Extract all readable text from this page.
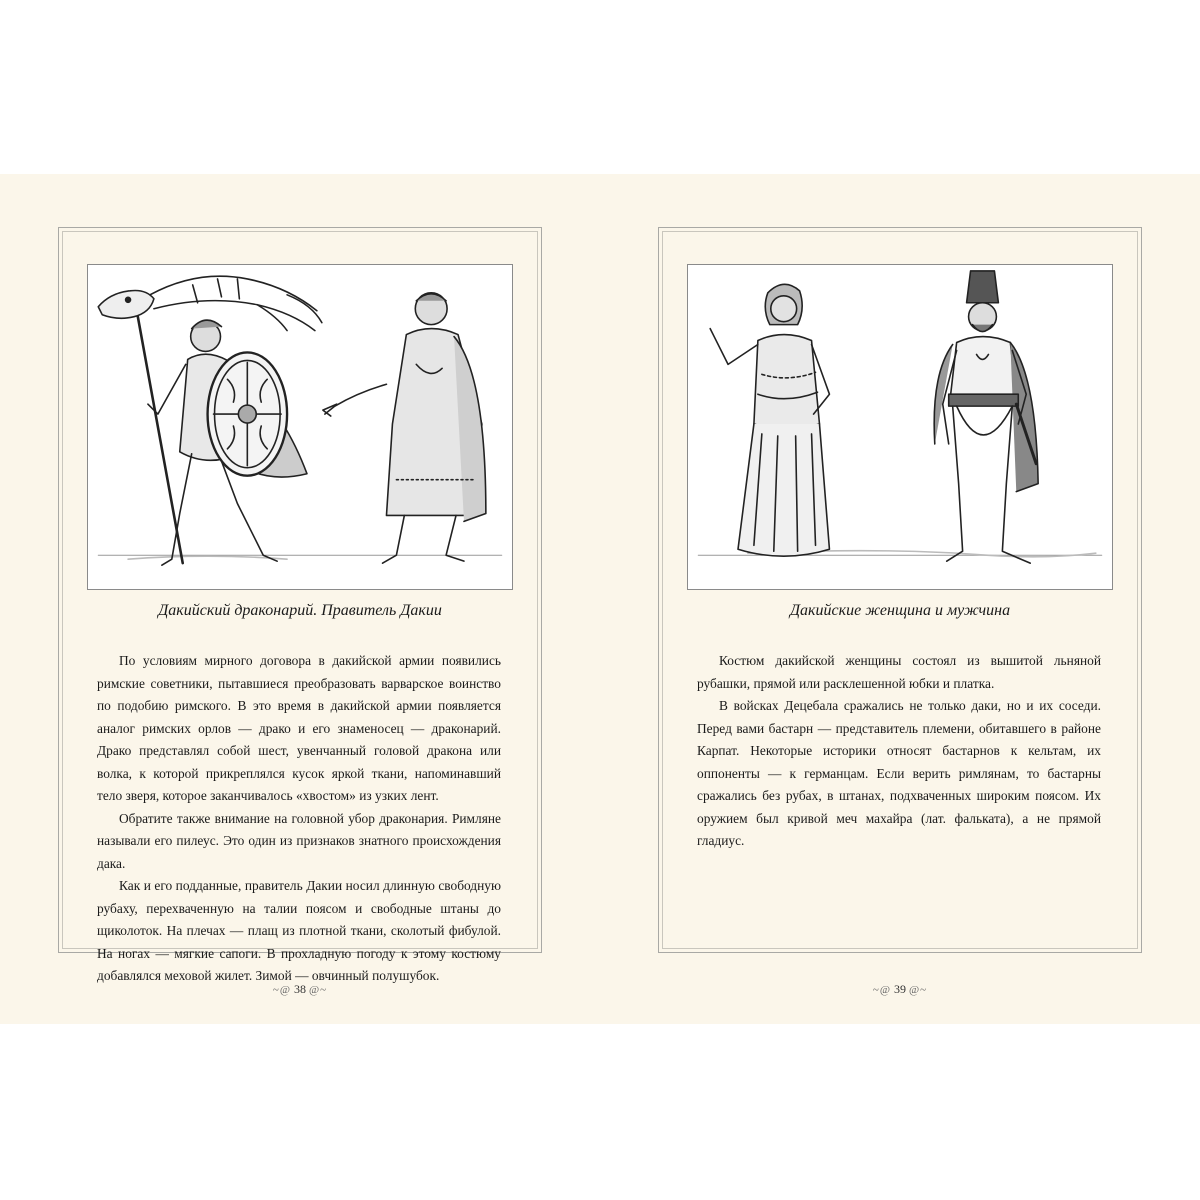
Дакийский драконарий. Правитель Дакии

По условиям мирного договора в дакийской армии появились римские советники, пытавшиеся преобразовать варварское воинство по подобию римского. В это время в дакийской армии появляется аналог римских орлов — драко и его знаменосец — драконарий. Драко представлял собой шест, увенчанный головой дракона или волка, к которой прикреплялся кусок яркой ткани, напоминавший тело зверя, которое заканчивалось «хвостом» из узких лент.

Обратите также внимание на головной убор драконария. Римляне называли его пилеус. Это один из признаков знатного происхождения дака.

Как и его подданные, правитель Дакии носил длинную свободную рубаху, перехваченную на талии поясом и свободные штаны до щиколоток. На плечах — плащ из плотной ткани, сколотый фибулой. На ногах — мягкие сапоги. В прохладную погоду к этому костюму добавлялся меховой жилет. Зимой — овчинный полушубок.

Дакийские женщина и мужчина

Костюм дакийской женщины состоял из вышитой льняной рубашки, прямой или расклешенной юбки и платка.

В войсках Децебала сражались не только даки, но и их соседи. Перед вами бастарн — представитель племени, обитавшего в районе Карпат. Некоторые историки относят бастарнов к кельтам, их оппоненты — к германцам. Если верить римлянам, то бастарны сражались без рубах, в штанах, подхваченных широким поясом. Их оружием был кривой меч махайра (лат. фальката), а не прямой гладиус.

~@ 38 @~	~@ 39 @~
